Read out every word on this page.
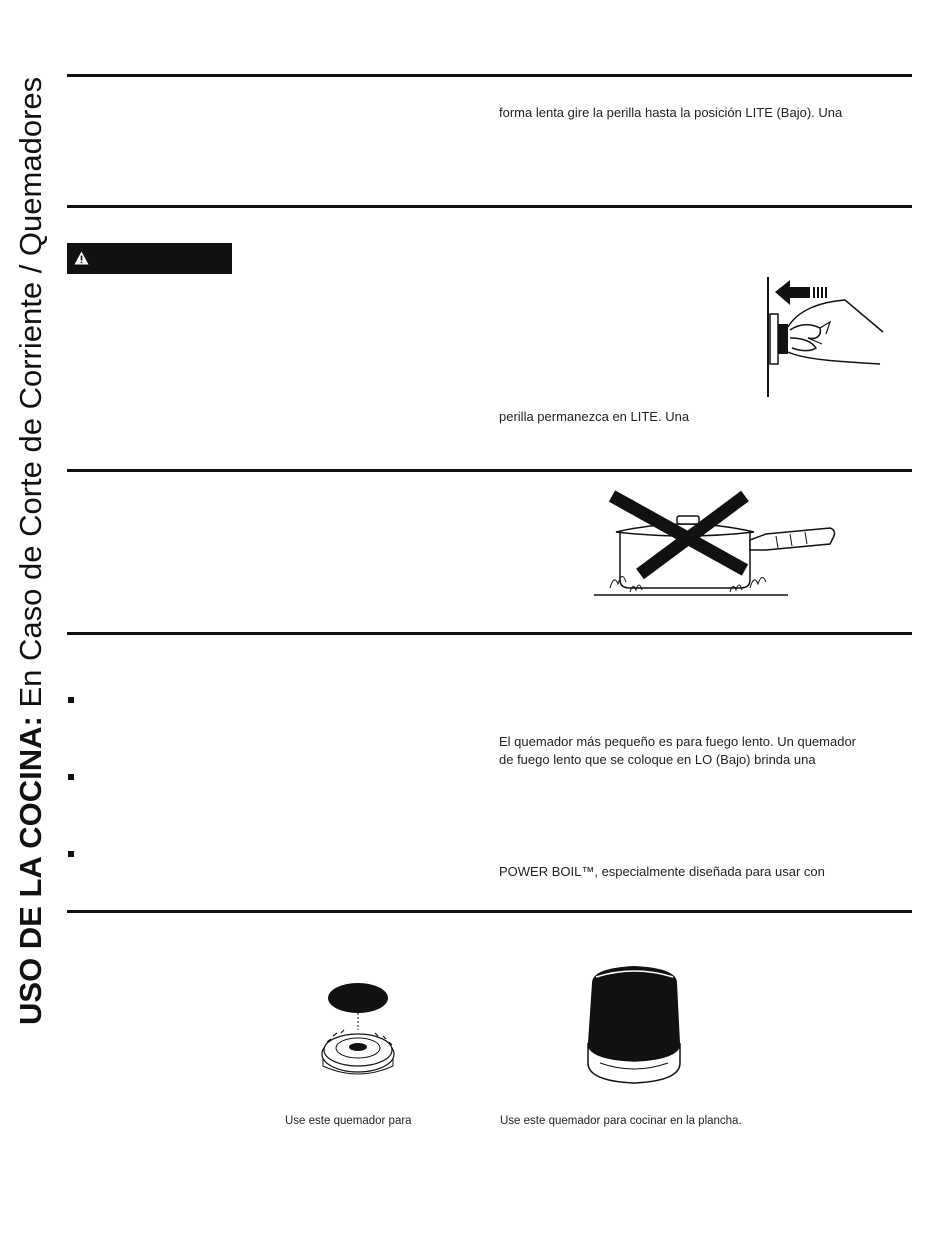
USO DE LA COCINA: En Caso de Corte de Corriente / Quemadores	forma lenta gire la perilla hasta la posición LITE (Bajo). Una
perilla permanezca en LITE. Una
El quemador más pequeño es para fuego lento. Un quemador
de fuego lento que se coloque en LO (Bajo) brinda una
POWER BOIL™, especialmente diseñada para usar con
Use este quemador para	Use este quemador para cocinar en la plancha.
